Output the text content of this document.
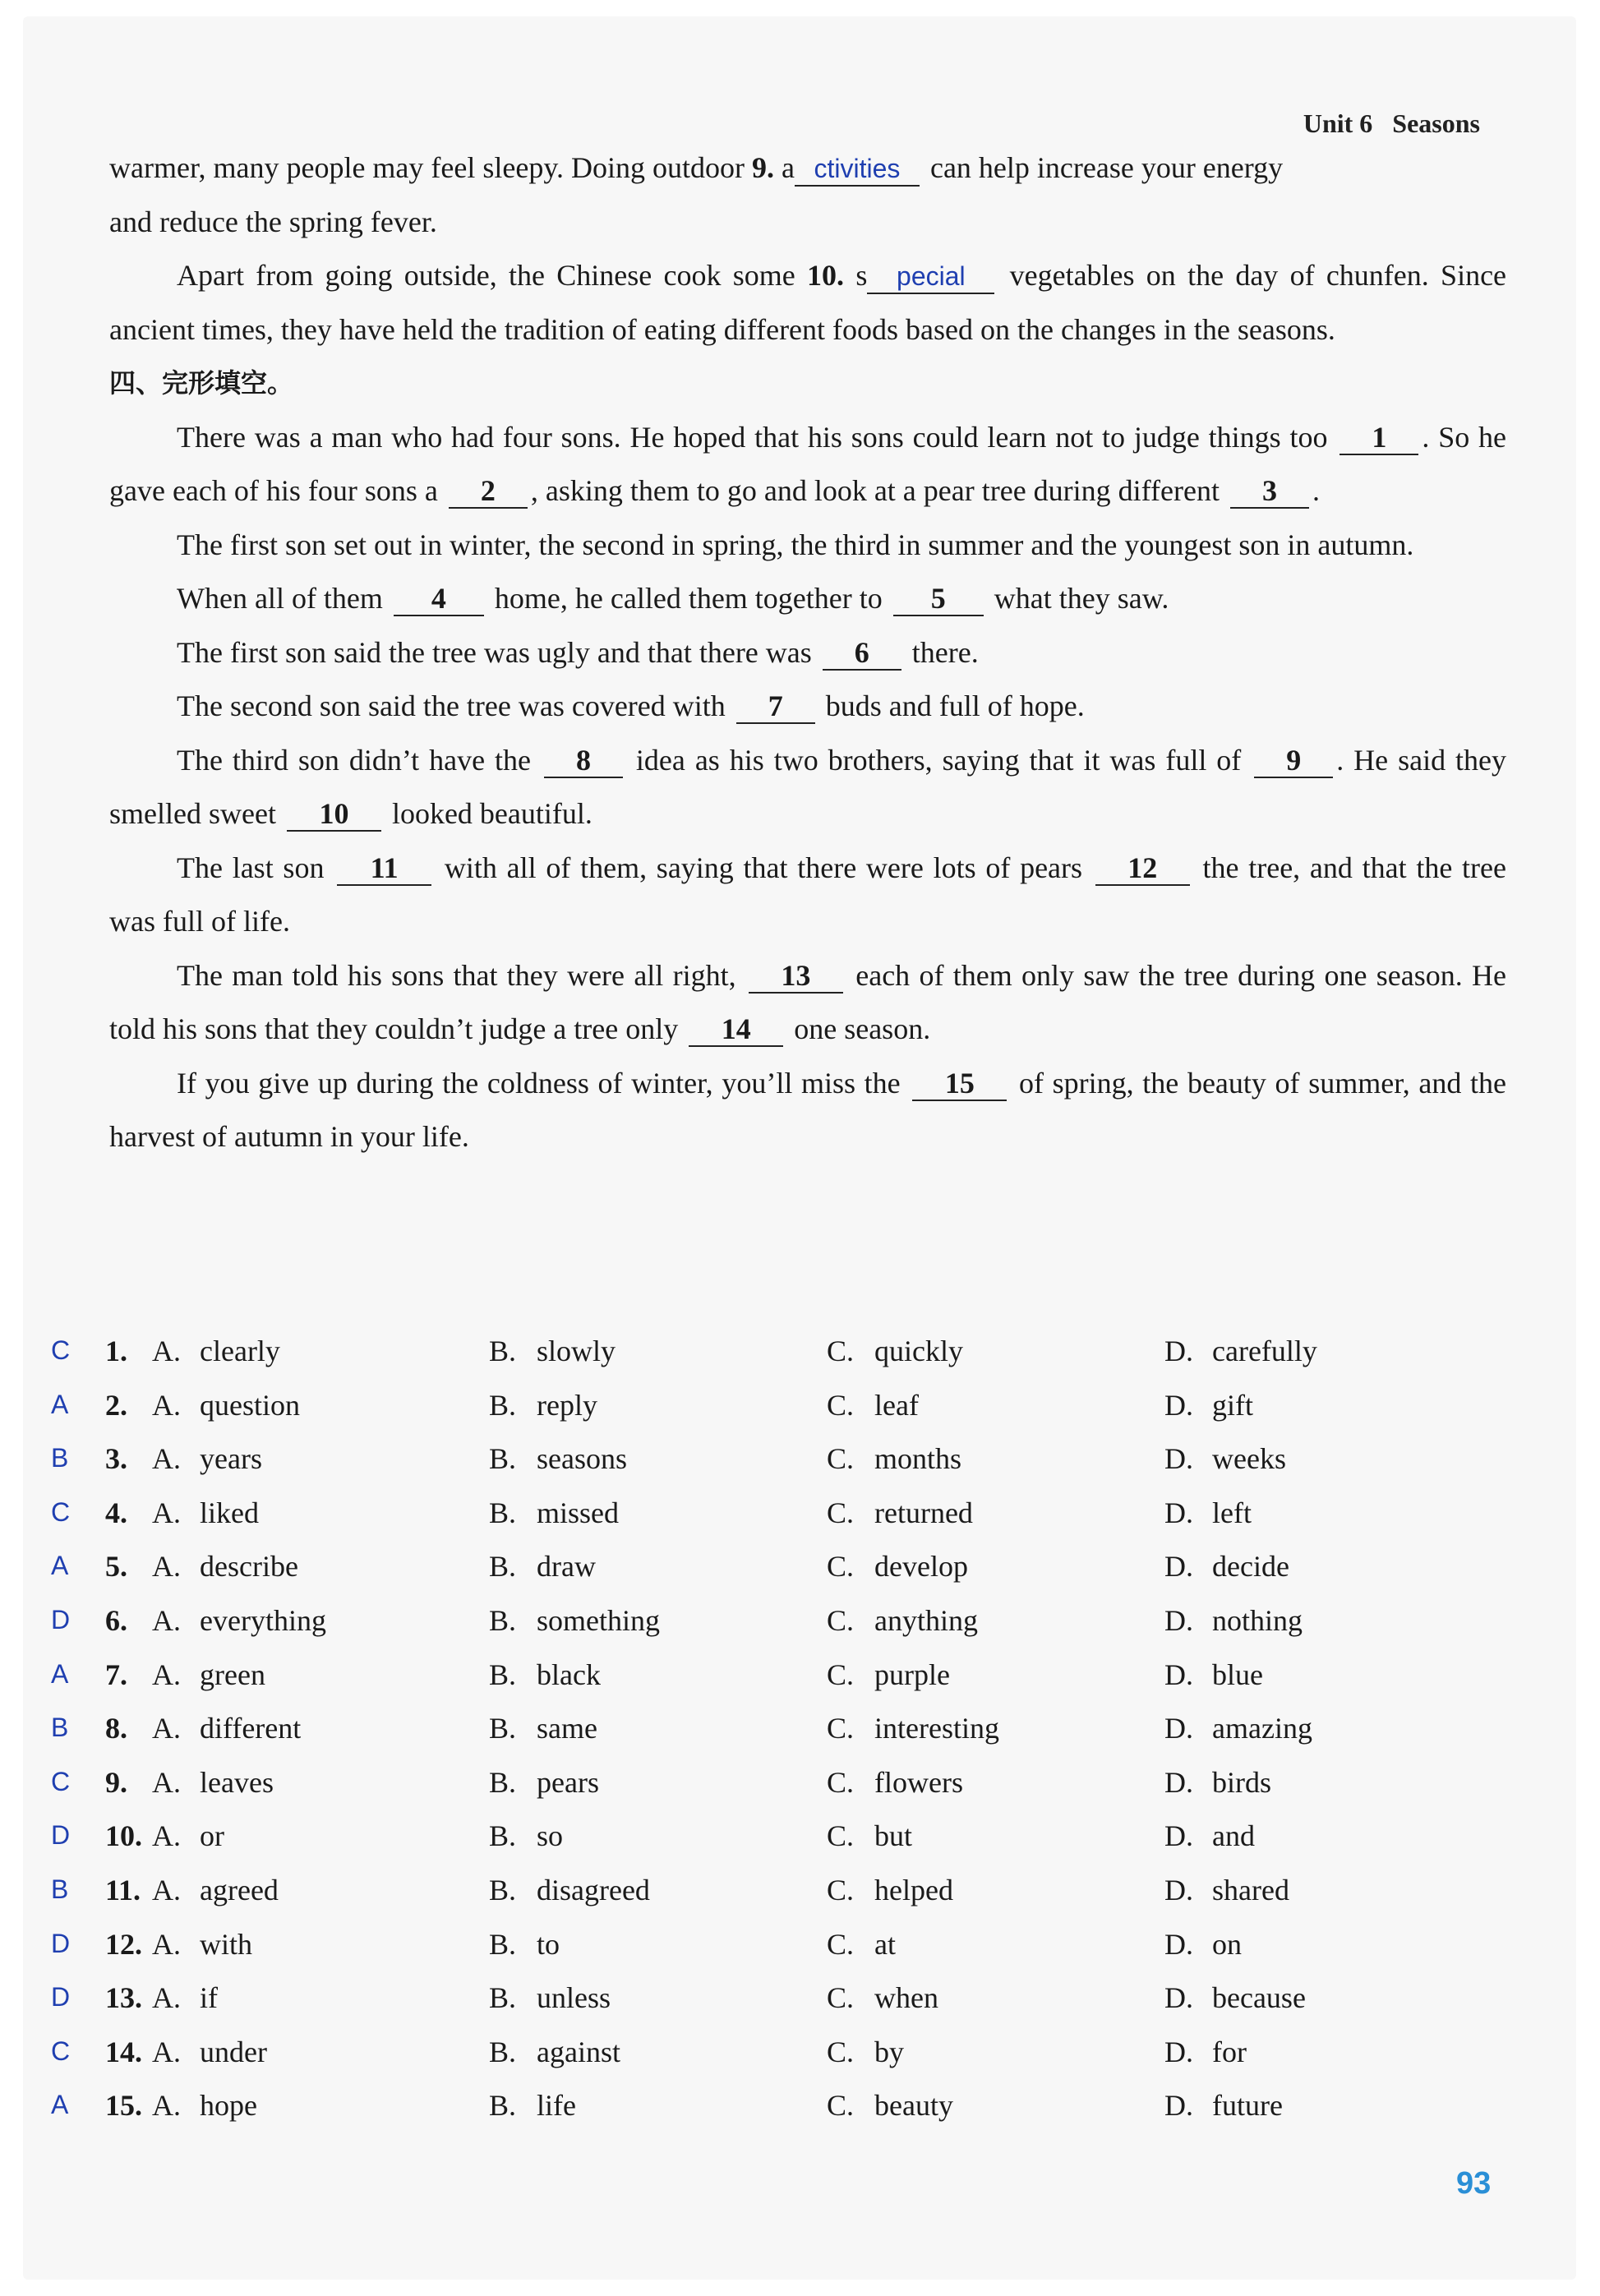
Unit 6 Seasons

warmer, many people may feel sleepy. Doing outdoor 9. a ctivities can help increase your energy

and reduce the spring fever.

Apart from going outside, the Chinese cook some 10. s pecial vegetables on the day of chunfen. Since ancient times, they have held the tradition of eating different foods based on the changes in the seasons.

四、完形填空。

There was a man who had four sons. He hoped that his sons could learn not to judge things too 1 . So he gave each of his four sons a 2 , asking them to go and look at a pear tree during different 3 .

The first son set out in winter, the second in spring, the third in summer and the youngest son in autumn.

When all of them 4 home, he called them together to 5 what they saw.

The first son said the tree was ugly and that there was 6 there.

The second son said the tree was covered with 7 buds and full of hope.

The third son didn’t have the 8 idea as his two brothers, saying that it was full of 9 . He said they smelled sweet 10 looked beautiful.

The last son 11 with all of them, saying that there were lots of pears 12 the tree, and that the tree was full of life.

The man told his sons that they were all right, 13 each of them only saw the tree during one season. He told his sons that they couldn’t judge a tree only 14 one season.

If you give up during the coldness of winter, you’ll miss the 15 of spring, the beauty of summer, and the harvest of autumn in your life.

C 1. A. clearly	B. slowly	C. quickly	D. carefully
A 2. A. question	B. reply	C. leaf	D. gift
B 3. A. years	B. seasons	C. months	D. weeks
C 4. A. liked	B. missed	C. returned	D. left
A 5. A. describe	B. draw	C. develop	D. decide
D 6. A. everything	B. something	C. anything	D. nothing
A 7. A. green	B. black	C. purple	D. blue
B 8. A. different	B. same	C. interesting	D. amazing
C 9. A. leaves	B. pears	C. flowers	D. birds
D 10. A. or	B. so	C. but	D. and
B 11. A. agreed	B. disagreed	C. helped	D. shared
D 12. A. with	B. to	C. at	D. on
D 13. A. if	B. unless	C. when	D. because
C 14. A. under	B. against	C. by	D. for
A 15. A. hope	B. life	C. beauty	D. future
93
